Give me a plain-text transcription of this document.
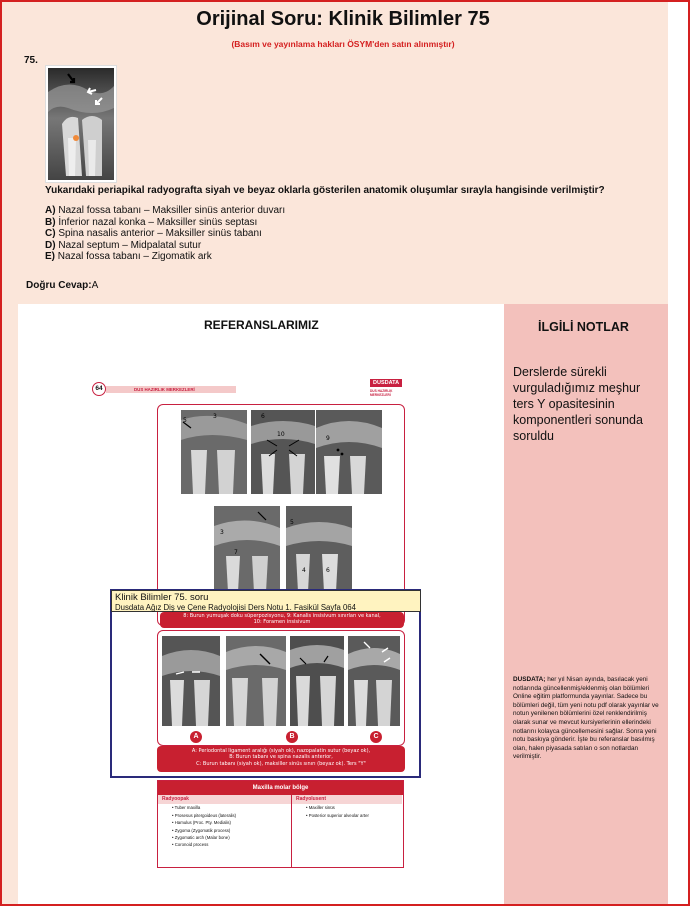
Orijinal Soru: Klinik Bilimler 75
(Basım ve yayınlama hakları ÖSYM'den satın alınmıştır)
75.
Yukarıdaki periapikal radyografta siyah ve beyaz oklarla gösterilen anatomik oluşumlar sırayla hangisinde verilmiştir?
A) Nazal fossa tabanı – Maksiller sinüs anterior duvarı
B) İnferior nazal konka – Maksiller sinüs septası
C) Spina nasalis anterior – Maksiller sinüs tabanı
D) Nazal septum – Midpalatal sutur
E) Nazal fossa tabanı – Zigomatik ark
Doğru Cevap:A
REFERANSLARIMIZ	İLGİLİ NOTLAR
Derslerde sürekli vurguladığımız meşhur ters Y opasitesinin komponentleri sonunda soruldu
DUSDATA; her yıl Nisan ayında, basılacak yeni notlarında güncellenmiş/eklenmiş olan bölümleri Online eğitim platformunda yayınlar. Sadece bu bölümleri değil, tüm yeni notu pdf olarak yayınlar ve notun yenilenen bölümlerini özel renklendirilmiş olarak sunar ve mevcut kursiyerlerinin ellerindeki notlarını kolayca güncellemesini sağlar. Sonra yeni notu baskıya gönderir. İşte bu referanslar basılmış olan, halen piyasada satılan o son notlardan verilmiştir.
64	DUS HAZIRLIK MERKEZLERİ
DUSDATA
DUS HAZIRLIK MERKEZLERİ
5
3	6
10
9
3
7
5
4	6
Klinik Bilimler 75. soru
Dusdata Ağız Diş ve Çene Radyolojisi Ders Notu 1. Fasikül Sayfa 064
8: Burun yumuşak doku süperpozisyonu, 9: Kanalis insisivum sınırları ve kanal,
10: Foramen insisivum
A	B	C
A: Periodontal ligament aralığı (siyah ok), nazopalatin sutur (beyaz ok),
B: Burun tabanı ve spina nazalis anterior,
C: Burun tabanı (siyah ok), maksiller sinüs sınırı (beyaz ok). Ters "Y"
Maxilla molar bölge
Radyoopak
• Tuber maxilla
• Prosesus pitergoideus (lateralis)
• Hamulus (Proc. Pty. Medialis)
• Zygoma (Zygomatik process)
• Zygomatic arch (Malar bone)
• Coronoid process
Radyolusent
• Maxiller sinüs
• Posterior superior alveolar arter
